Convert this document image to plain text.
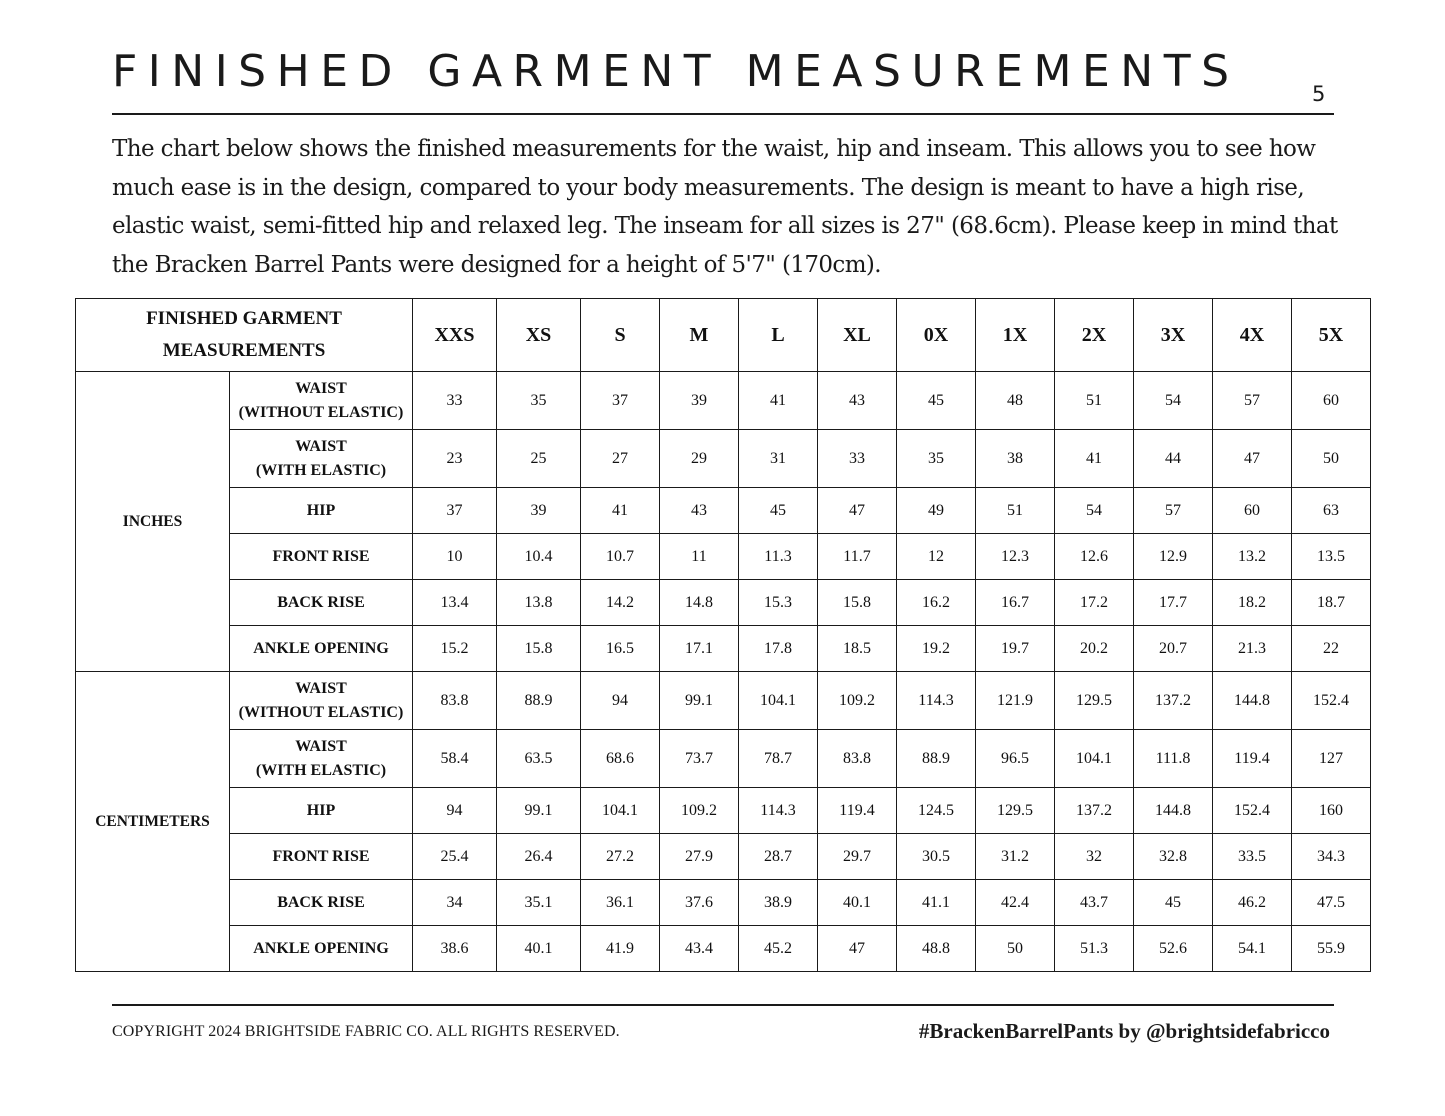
FINISHED GARMENT MEASUREMENTS	5

The chart below shows the finished measurements for the waist, hip and inseam. This allows you to see how much ease is in the design, compared to your body measurements. The design is meant to have a high rise, elastic waist, semi-fitted hip and relaxed leg. The inseam for all sizes is 27" (68.6cm). Please keep in mind that the Bracken Barrel Pants were designed for a height of 5'7" (170cm).

FINISHED GARMENT
MEASUREMENTS		XXS	XS	S	M	L	XL	0X	1X	2X	3X	4X	5X
INCHES	WAIST
(WITHOUT ELASTIC)	33	35	37	39	41	43	45	48	51	54	57	60

	WAIST
(WITH ELASTIC)	23	25	27	29	31	33	35	38	41	44	47	50

	HIP	37	39	41	43	45	47	49	51	54	57	60	63

	FRONT RISE	10	10.4	10.7	11	11.3	11.7	12	12.3	12.6	12.9	13.2	13.5

	BACK RISE	13.4	13.8	14.2	14.8	15.3	15.8	16.2	16.7	17.2	17.7	18.2	18.7

	ANKLE OPENING	15.2	15.8	16.5	17.1	17.8	18.5	19.2	19.7	20.2	20.7	21.3	22
CENTIMETERS	WAIST
(WITHOUT ELASTIC)	83.8	88.9	94	99.1	104.1	109.2	114.3	121.9	129.5	137.2	144.8	152.4

	WAIST
(WITH ELASTIC)	58.4	63.5	68.6	73.7	78.7	83.8	88.9	96.5	104.1	111.8	119.4	127

	HIP	94	99.1	104.1	109.2	114.3	119.4	124.5	129.5	137.2	144.8	152.4	160

	FRONT RISE	25.4	26.4	27.2	27.9	28.7	29.7	30.5	31.2	32	32.8	33.5	34.3

	BACK RISE	34	35.1	36.1	37.6	38.9	40.1	41.1	42.4	43.7	45	46.2	47.5

	ANKLE OPENING	38.6	40.1	41.9	43.4	45.2	47	48.8	50	51.3	52.6	54.1	55.9
COPYRIGHT 2024 BRIGHTSIDE FABRIC CO. ALL RIGHTS RESERVED.	#BrackenBarrelPants by @brightsidefabricco
